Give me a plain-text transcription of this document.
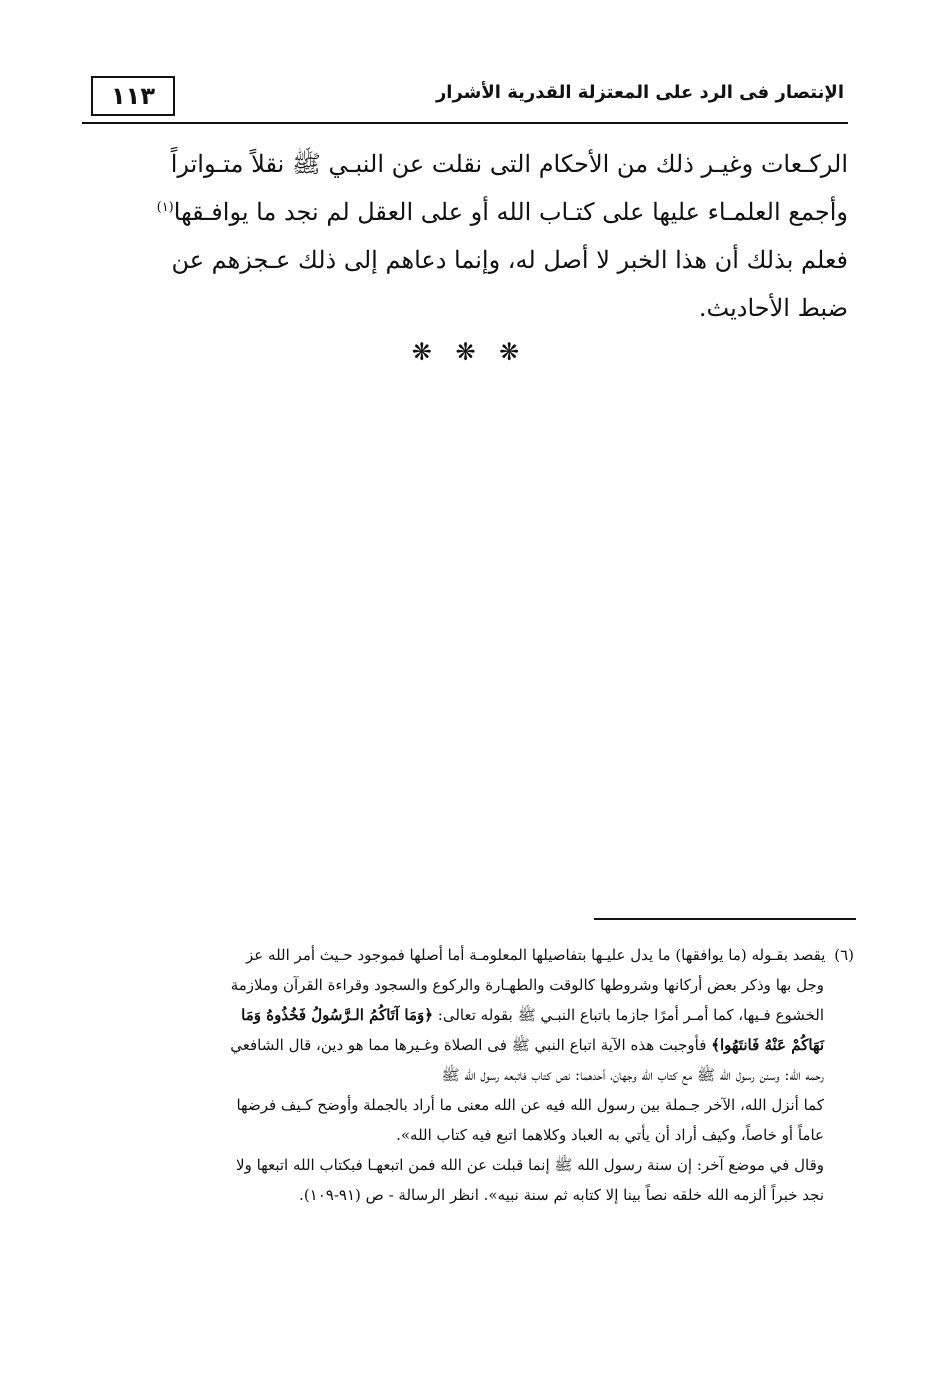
١١٣	الإنتصار فى الرد على المعتزلة القدرية الأشرار
الركـعات وغيـر ذلك من الأحكام التى نقلت عن النبـي ﷺ نقلاً متـواتراً
وأجمع العلمـاء عليها على كتـاب الله أو على العقل لم نجد ما يوافـقها$^{(١)}$
فعلم بذلك أن هذا الخبر لا أصل له، وإنما دعاهم إلى ذلك عـجزهم عن
ضبط الأحاديث.
❋ ❋ ❋
(٦) يقصد بقـوله (ما يوافقها) ما يدل عليـها بتفاصيلها المعلومـة أما أصلها فموجود حـيث أمر الله عز
وجل بها وذكر بعض أركانها وشروطها كالوقت والطهـارة والركوع والسجود وقراءة القرآن وملازمة
الخشوع فـيها، كما أمـر أمرًا جازما باتباع النبـي ﷺ بقوله تعالى: ﴿وَمَا آتَاكُمُ الـرَّسُولُ فَخُذُوهُ وَمَا
نَهَاكُمْ عَنْهُ فَانتَهُوا﴾ فأوجبت هذه الآية اتباع النبي ﷺ فى الصلاة وغـيرها مما هو دين، قال الشافعي
رحمه الله: وسنن رسول الله ﷺ مع كتاب الله وجهان، أحدهما: نص كتاب فاتبعه رسول الله ﷺ
كما أنزل الله، الآخر جـملة بين رسول الله فيه عن الله معنى ما أراد بالجملة وأوضح كـيف فرضها
عاماً أو خاصاً، وكيف أراد أن يأتي به العباد وكلاهما اتبع فيه كتاب الله».
وقال في موضع آخر: إن سنة رسول الله ﷺ إنما قبلت عن الله فمن اتبعهـا فبكتاب الله اتبعها ولا
نجد خبراً ألزمه الله خلقه نصاً بينا إلا كتابه ثم سنة نبيه». انظر الرسالة - ص (٩١-١٠٩).
